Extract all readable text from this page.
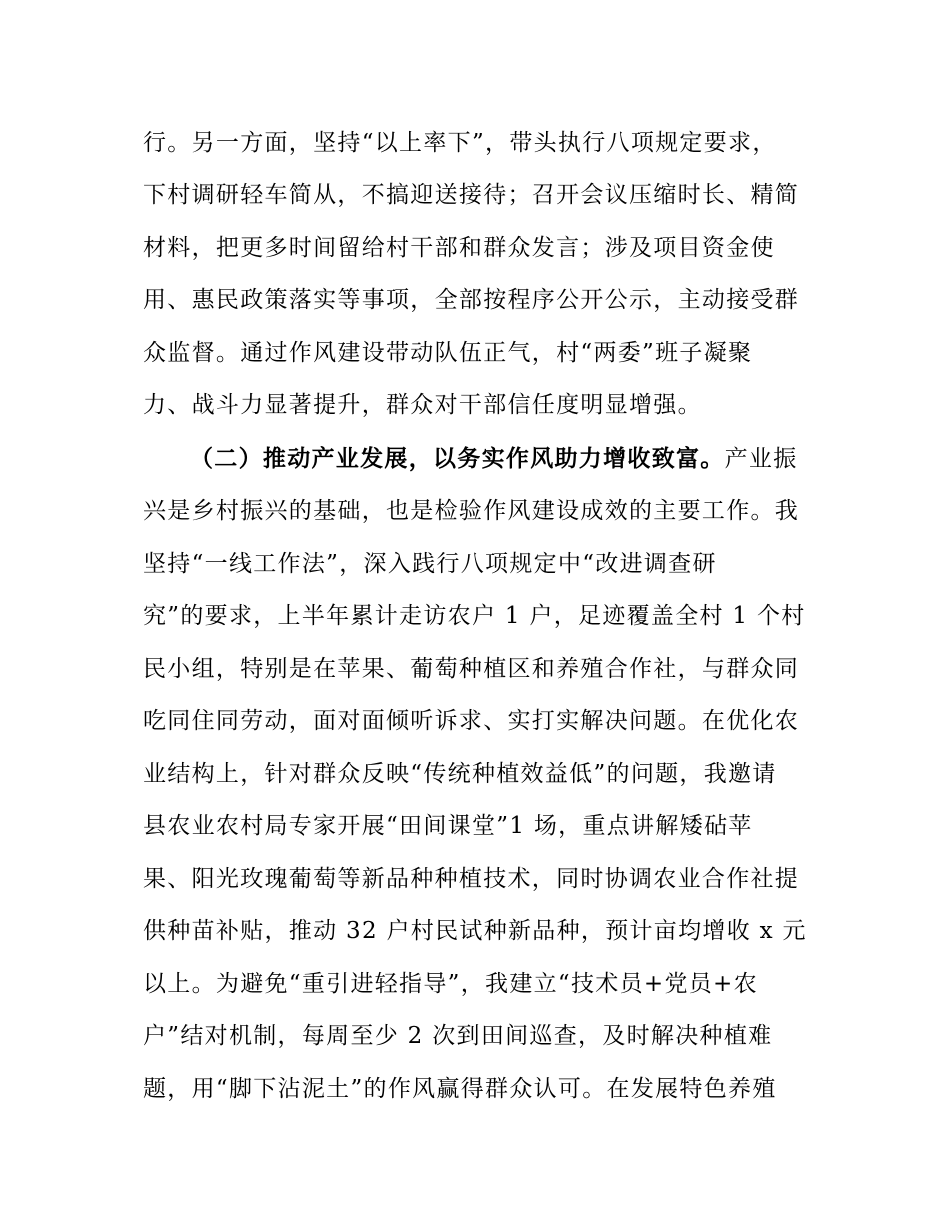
行。另一方面，坚持“以上率下”，带头执行八项规定要求，
下村调研轻车简从，不搞迎送接待；召开会议压缩时长、精简
材料，把更多时间留给村干部和群众发言；涉及项目资金使
用、惠民政策落实等事项，全部按程序公开公示，主动接受群
众监督。通过作风建设带动队伍正气，村“两委”班子凝聚
力、战斗力显著提升，群众对干部信任度明显增强。
（二）推动产业发展，以务实作风助力增收致富。产业振
兴是乡村振兴的基础，也是检验作风建设成效的主要工作。我
坚持“一线工作法”，深入践行八项规定中“改进调查研
究”的要求，上半年累计走访农户 1 户，足迹覆盖全村 1 个村
民小组，特别是在苹果、葡萄种植区和养殖合作社，与群众同
吃同住同劳动，面对面倾听诉求、实打实解决问题。在优化农
业结构上，针对群众反映“传统种植效益低”的问题，我邀请
县农业农村局专家开展“田间课堂”1 场，重点讲解矮砧苹
果、阳光玫瑰葡萄等新品种种植技术，同时协调农业合作社提
供种苗补贴，推动 32 户村民试种新品种，预计亩均增收 x 元
以上。为避免“重引进轻指导”，我建立“技术员+党员+农
户”结对机制，每周至少 2 次到田间巡查，及时解决种植难
题，用“脚下沾泥土”的作风赢得群众认可。在发展特色养殖
